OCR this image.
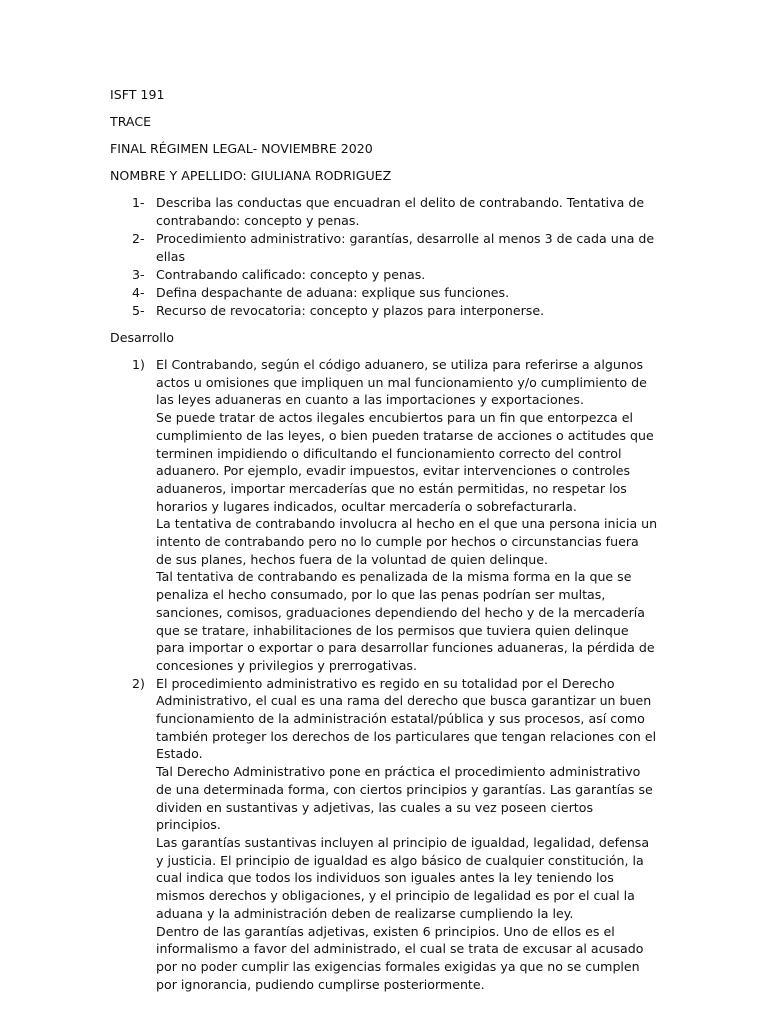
ISFT 191

TRACE

FINAL RÉGIMEN LEGAL- NOVIEMBRE 2020

NOMBRE Y APELLIDO: GIULIANA RODRIGUEZ

1- Describa las conductas que encuadran el delito de contrabando. Tentativa de contrabando: concepto y penas.
2- Procedimiento administrativo: garantías, desarrolle al menos 3 de cada una de ellas
3- Contrabando calificado: concepto y penas.
4- Defina despachante de aduana: explique sus funciones.
5- Recurso de revocatoria: concepto y plazos para interponerse.

Desarrollo

1) El Contrabando, según el código aduanero, se utiliza para referirse a algunos actos u omisiones que impliquen un mal funcionamiento y/o cumplimiento de las leyes aduaneras en cuanto a las importaciones y exportaciones.
Se puede tratar de actos ilegales encubiertos para un fin que entorpezca el cumplimiento de las leyes, o bien pueden tratarse de acciones o actitudes que terminen impidiendo o dificultando el funcionamiento correcto del control aduanero. Por ejemplo, evadir impuestos, evitar intervenciones o controles aduaneros, importar mercaderías que no están permitidas, no respetar los horarios y lugares indicados, ocultar mercadería o sobrefacturarla.
La tentativa de contrabando involucra al hecho en el que una persona inicia un intento de contrabando pero no lo cumple por hechos o circunstancias fuera de sus planes, hechos fuera de la voluntad de quien delinque.
Tal tentativa de contrabando es penalizada de la misma forma en la que se penaliza el hecho consumado, por lo que las penas podrían ser multas, sanciones, comisos, graduaciones dependiendo del hecho y de la mercadería que se tratare, inhabilitaciones de los permisos que tuviera quien delinque para importar o exportar o para desarrollar funciones aduaneras, la pérdida de concesiones y privilegios y prerrogativas.
2) El procedimiento administrativo es regido en su totalidad por el Derecho Administrativo, el cual es una rama del derecho que busca garantizar un buen funcionamiento de la administración estatal/pública y sus procesos, así como también proteger los derechos de los particulares que tengan relaciones con el Estado.
Tal Derecho Administrativo pone en práctica el procedimiento administrativo de una determinada forma, con ciertos principios y garantías. Las garantías se dividen en sustantivas y adjetivas, las cuales a su vez poseen ciertos principios.
Las garantías sustantivas incluyen al principio de igualdad, legalidad, defensa y justicia. El principio de igualdad es algo básico de cualquier constitución, la cual indica que todos los individuos son iguales antes la ley teniendo los mismos derechos y obligaciones, y el principio de legalidad es por el cual la aduana y la administración deben de realizarse cumpliendo la ley.
Dentro de las garantías adjetivas, existen 6 principios. Uno de ellos es el informalismo a favor del administrado, el cual se trata de excusar al acusado por no poder cumplir las exigencias formales exigidas ya que no se cumplen por ignorancia, pudiendo cumplirse posteriormente.
